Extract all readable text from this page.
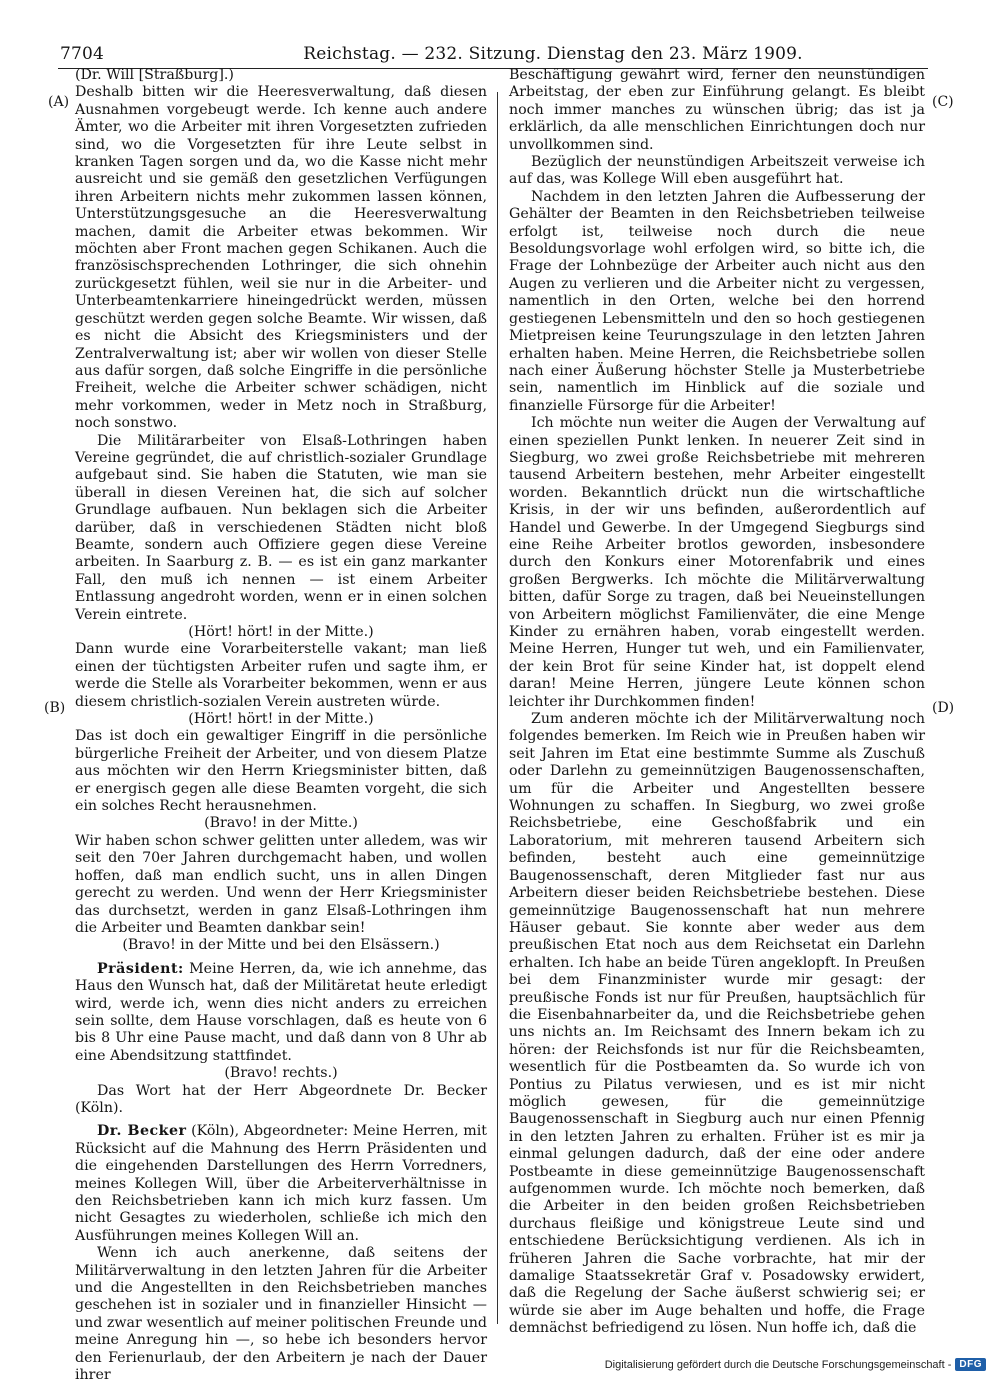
7704	Reichstag. — 232. Sitzung. Dienstag den 23. März 1909.
(A)
(B)
(C)
(D)

(Dr. Will [Straßburg].)

Deshalb bitten wir die Heeresverwaltung, daß diesen Ausnahmen vorgebeugt werde. Ich kenne auch andere Ämter, wo die Arbeiter mit ihren Vorgesetzten zufrieden sind, wo die Vorgesetzten für ihre Leute selbst in kranken Tagen sorgen und da, wo die Kasse nicht mehr ausreicht und sie gemäß den gesetzlichen Verfügungen ihren Arbeitern nichts mehr zukommen lassen können, Unterstützungsgesuche an die Heeresverwaltung machen, damit die Arbeiter etwas bekommen. Wir möchten aber Front machen gegen Schikanen. Auch die französischsprechenden Lothringer, die sich ohnehin zurückgesetzt fühlen, weil sie nur in die Arbeiter- und Unterbeamtenkarriere hineingedrückt werden, müssen geschützt werden gegen solche Beamte. Wir wissen, daß es nicht die Absicht des Kriegsministers und der Zentralverwaltung ist; aber wir wollen von dieser Stelle aus dafür sorgen, daß solche Eingriffe in die persönliche Freiheit, welche die Arbeiter schwer schädigen, nicht mehr vorkommen, weder in Metz noch in Straßburg, noch sonstwo.

Die Militärarbeiter von Elsaß-Lothringen haben Vereine gegründet, die auf christlich-sozialer Grundlage aufgebaut sind. Sie haben die Statuten, wie man sie überall in diesen Vereinen hat, die sich auf solcher Grundlage aufbauen. Nun beklagen sich die Arbeiter darüber, daß in verschiedenen Städten nicht bloß Beamte, sondern auch Offiziere gegen diese Vereine arbeiten. In Saarburg z. B. — es ist ein ganz markanter Fall, den muß ich nennen — ist einem Arbeiter Entlassung angedroht worden, wenn er in einen solchen Verein eintrete.

(Hört! hört! in der Mitte.)

Dann wurde eine Vorarbeiterstelle vakant; man ließ einen der tüchtigsten Arbeiter rufen und sagte ihm, er werde die Stelle als Vorarbeiter bekommen, wenn er aus diesem christlich-sozialen Verein austreten würde.

(Hört! hört! in der Mitte.)

Das ist doch ein gewaltiger Eingriff in die persönliche bürgerliche Freiheit der Arbeiter, und von diesem Platze aus möchten wir den Herrn Kriegsminister bitten, daß er energisch gegen alle diese Beamten vorgeht, die sich ein solches Recht herausnehmen.

(Bravo! in der Mitte.)

Wir haben schon schwer gelitten unter alledem, was wir seit den 70er Jahren durchgemacht haben, und wollen hoffen, daß man endlich sucht, uns in allen Dingen gerecht zu werden. Und wenn der Herr Kriegsminister das durchsetzt, werden in ganz Elsaß-Lothringen ihm die Arbeiter und Beamten dankbar sein!

(Bravo! in der Mitte und bei den Elsässern.)

Präsident: Meine Herren, da, wie ich annehme, das Haus den Wunsch hat, daß der Militäretat heute erledigt wird, werde ich, wenn dies nicht anders zu erreichen sein sollte, dem Hause vorschlagen, daß es heute von 6 bis 8 Uhr eine Pause macht, und daß dann von 8 Uhr ab eine Abendsitzung stattfindet.

(Bravo! rechts.)

Das Wort hat der Herr Abgeordnete Dr. Becker (Köln).

Dr. Becker (Köln), Abgeordneter: Meine Herren, mit Rücksicht auf die Mahnung des Herrn Präsidenten und die eingehenden Darstellungen des Herrn Vorredners, meines Kollegen Will, über die Arbeiterverhältnisse in den Reichsbetrieben kann ich mich kurz fassen. Um nicht Gesagtes zu wiederholen, schließe ich mich den Ausführungen meines Kollegen Will an.

Wenn ich auch anerkenne, daß seitens der Militärverwaltung in den letzten Jahren für die Arbeiter und die Angestellten in den Reichsbetrieben manches geschehen ist in sozialer und in finanzieller Hinsicht — und zwar wesentlich auf meiner politischen Freunde und meine Anregung hin —, so hebe ich besonders hervor den Ferienurlaub, der den Arbeitern je nach der Dauer ihrer

Beschäftigung gewährt wird, ferner den neunstündigen Arbeitstag, der eben zur Einführung gelangt. Es bleibt noch immer manches zu wünschen übrig; das ist ja erklärlich, da alle menschlichen Einrichtungen doch nur unvollkommen sind.

Bezüglich der neunstündigen Arbeitszeit verweise ich auf das, was Kollege Will eben ausgeführt hat.

Nachdem in den letzten Jahren die Aufbesserung der Gehälter der Beamten in den Reichsbetrieben teilweise erfolgt ist, teilweise noch durch die neue Besoldungsvorlage wohl erfolgen wird, so bitte ich, die Frage der Lohnbezüge der Arbeiter auch nicht aus den Augen zu verlieren und die Arbeiter nicht zu vergessen, namentlich in den Orten, welche bei den horrend gestiegenen Lebensmitteln und den so hoch gestiegenen Mietpreisen keine Teurungszulage in den letzten Jahren erhalten haben. Meine Herren, die Reichsbetriebe sollen nach einer Äußerung höchster Stelle ja Musterbetriebe sein, namentlich im Hinblick auf die soziale und finanzielle Fürsorge für die Arbeiter!

Ich möchte nun weiter die Augen der Verwaltung auf einen speziellen Punkt lenken. In neuerer Zeit sind in Siegburg, wo zwei große Reichsbetriebe mit mehreren tausend Arbeitern bestehen, mehr Arbeiter eingestellt worden. Bekanntlich drückt nun die wirtschaftliche Krisis, in der wir uns befinden, außerordentlich auf Handel und Gewerbe. In der Umgegend Siegburgs sind eine Reihe Arbeiter brotlos geworden, insbesondere durch den Konkurs einer Motorenfabrik und eines großen Bergwerks. Ich möchte die Militärverwaltung bitten, dafür Sorge zu tragen, daß bei Neueinstellungen von Arbeitern möglichst Familienväter, die eine Menge Kinder zu ernähren haben, vorab eingestellt werden. Meine Herren, Hunger tut weh, und ein Familienvater, der kein Brot für seine Kinder hat, ist doppelt elend daran! Meine Herren, jüngere Leute können schon leichter ihr Durchkommen finden!

Zum anderen möchte ich der Militärverwaltung noch folgendes bemerken. Im Reich wie in Preußen haben wir seit Jahren im Etat eine bestimmte Summe als Zuschuß oder Darlehn zu gemeinnützigen Baugenossenschaften, um für die Arbeiter und Angestellten bessere Wohnungen zu schaffen. In Siegburg, wo zwei große Reichsbetriebe, eine Geschoßfabrik und ein Laboratorium, mit mehreren tausend Arbeitern sich befinden, besteht auch eine gemeinnützige Baugenossenschaft, deren Mitglieder fast nur aus Arbeitern dieser beiden Reichsbetriebe bestehen. Diese gemeinnützige Baugenossenschaft hat nun mehrere Häuser gebaut. Sie konnte aber weder aus dem preußischen Etat noch aus dem Reichsetat ein Darlehn erhalten. Ich habe an beide Türen angeklopft. In Preußen bei dem Finanzminister wurde mir gesagt: der preußische Fonds ist nur für Preußen, hauptsächlich für die Eisenbahnarbeiter da, und die Reichsbetriebe gehen uns nichts an. Im Reichsamt des Innern bekam ich zu hören: der Reichsfonds ist nur für die Reichsbeamten, wesentlich für die Postbeamten da. So wurde ich von Pontius zu Pilatus verwiesen, und es ist mir nicht möglich gewesen, für die gemeinnützige Baugenossenschaft in Siegburg auch nur einen Pfennig in den letzten Jahren zu erhalten. Früher ist es mir ja einmal gelungen dadurch, daß der eine oder andere Postbeamte in diese gemeinnützige Baugenossenschaft aufgenommen wurde. Ich möchte noch bemerken, daß die Arbeiter in den beiden großen Reichsbetrieben durchaus fleißige und königstreue Leute sind und entschiedene Berücksichtigung verdienen. Als ich in früheren Jahren die Sache vorbrachte, hat mir der damalige Staatssekretär Graf v. Posadowsky erwidert, daß die Regelung der Sache äußerst schwierig sei; er würde sie aber im Auge behalten und hoffe, die Frage demnächst befriedigend zu lösen. Nun hoffe ich, daß die

Digitalisierung gefördert durch die Deutsche Forschungsgemeinschaft - DFG
